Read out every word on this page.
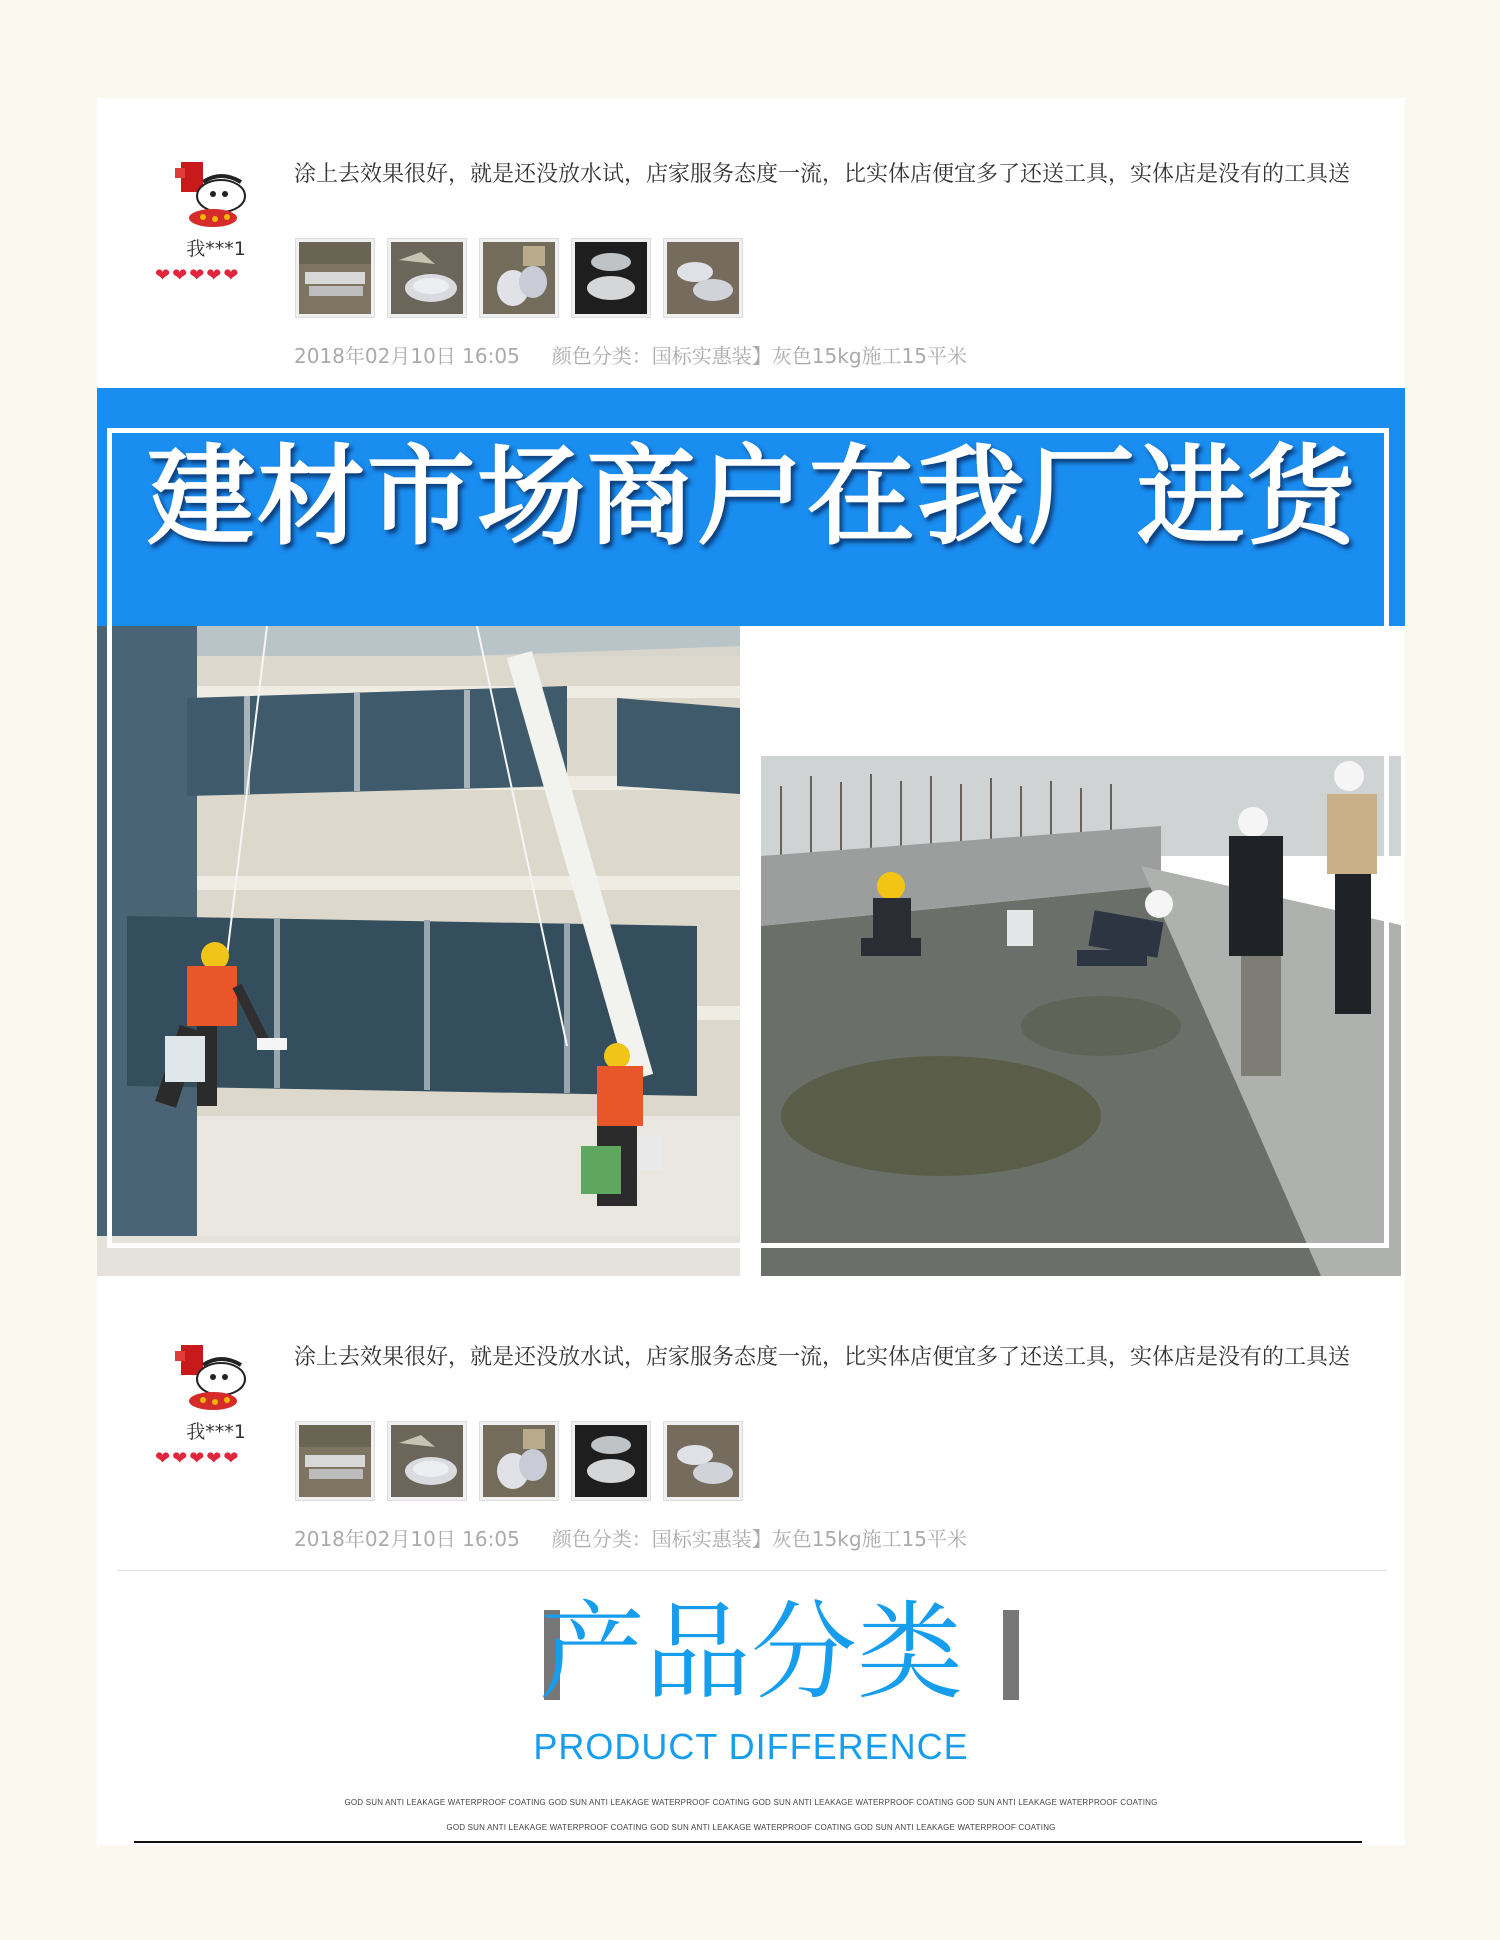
我***1
❤ ❤ ❤ ❤ ❤
涂上去效果很好，就是还没放水试，店家服务态度一流，比实体店便宜多了还送工具，实体店是没有的工具送
2018年02月10日 16:05 颜色分类：国标实惠装】灰色15kg施工15平米
建材市场商户在我厂进货
我***1
❤ ❤ ❤ ❤ ❤
涂上去效果很好，就是还没放水试，店家服务态度一流，比实体店便宜多了还送工具，实体店是没有的工具送
2018年02月10日 16:05 颜色分类：国标实惠装】灰色15kg施工15平米
产品分类
PRODUCT DIFFERENCE
GOD SUN ANTI LEAKAGE WATERPROOF COATING GOD SUN ANTI LEAKAGE WATERPROOF COATING GOD SUN ANTI LEAKAGE WATERPROOF COATING GOD SUN ANTI LEAKAGE WATERPROOF COATING
GOD SUN ANTI LEAKAGE WATERPROOF COATING GOD SUN ANTI LEAKAGE WATERPROOF COATING GOD SUN ANTI LEAKAGE WATERPROOF COATING
